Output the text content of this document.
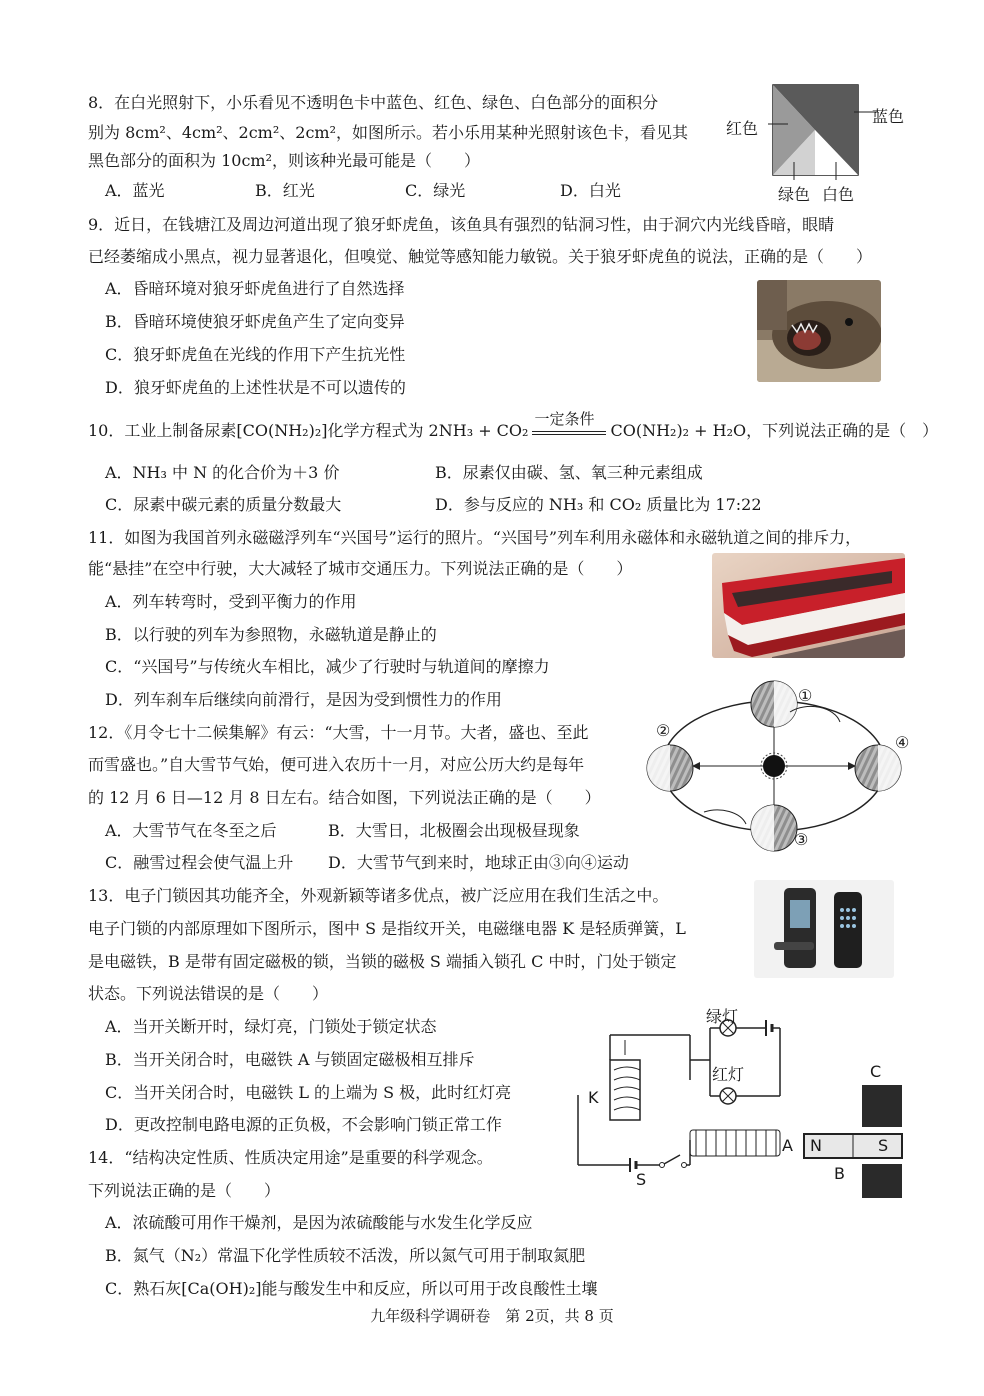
8．在白光照射下，小乐看见不透明色卡中蓝色、红色、绿色、白色部分的面积分
别为 8cm²、4cm²、2cm²、2cm²，如图所示。若小乐用某种光照射该色卡，看见其
黑色部分的面积为 10cm²，则该种光最可能是（　　）
A．蓝光	B．红光	C．绿光	D．白光
红色
蓝色
绿色 白色
9．近日，在钱塘江及周边河道出现了狼牙虾虎鱼，该鱼具有强烈的钻洞习性，由于洞穴内光线昏暗，眼睛
已经萎缩成小黑点，视力显著退化，但嗅觉、触觉等感知能力敏锐。关于狼牙虾虎鱼的说法，正确的是（　　）
A．昏暗环境对狼牙虾虎鱼进行了自然选择
B．昏暗环境使狼牙虾虎鱼产生了定向变异
C．狼牙虾虎鱼在光线的作用下产生抗光性
D．狼牙虾虎鱼的上述性状是不可以遗传的
10．工业上制备尿素[CO(NH₂)₂]化学方程式为 2NH₃ + CO₂
一定条件
CO(NH₂)₂ + H₂O，下列说法正确的是（　）
A．NH₃ 中 N 的化合价为＋3 价	B．尿素仅由碳、氢、氧三种元素组成
C．尿素中碳元素的质量分数最大	D．参与反应的 NH₃ 和 CO₂ 质量比为 17:22
11．如图为我国首列永磁磁浮列车“兴国号”运行的照片。“兴国号”列车利用永磁体和永磁轨道之间的排斥力，
能“悬挂”在空中行驶，大大减轻了城市交通压力。下列说法正确的是（　　）
A．列车转弯时，受到平衡力的作用
B．以行驶的列车为参照物，永磁轨道是静止的
C．“兴国号”与传统火车相比，减少了行驶时与轨道间的摩擦力
D．列车刹车后继续向前滑行，是因为受到惯性力的作用
12．《月令七十二候集解》有云：“大雪，十一月节。大者，盛也、至此
而雪盛也。”自大雪节气始，便可进入农历十一月，对应公历大约是每年
的 12 月 6 日—12 月 8 日左右。结合如图，下列说法正确的是（　　）
A．大雪节气在冬至之后	B．大雪日，北极圈会出现极昼现象
C．融雪过程会使气温上升 D．大雪节气到来时，地球正由③向④运动
①
②
③
④
13．电子门锁因其功能齐全，外观新颖等诸多优点，被广泛应用在我们生活之中。
电子门锁的内部原理如下图所示，图中 S 是指纹开关，电磁继电器 K 是轻质弹簧，L
是电磁铁，B 是带有固定磁极的锁，当锁的磁极 S 端插入锁孔 C 中时，门处于锁定
状态。下列说法错误的是（　　）
A．当开关断开时，绿灯亮，门锁处于锁定状态
B．当开关闭合时，电磁铁 A 与锁固定磁极相互排斥
C．当开关闭合时，电磁铁 L 的上端为 S 极，此时红灯亮
D．更改控制电路电源的正负极，不会影响门锁正常工作
绿灯
红灯
K
A N	S
B
C
S
14．“结构决定性质、性质决定用途”是重要的科学观念。
下列说法正确的是（　　）
A．浓硫酸可用作干燥剂，是因为浓硫酸能与水发生化学反应
B．氮气（N₂）常温下化学性质较不活泼，所以氮气可用于制取氮肥
C．熟石灰[Ca(OH)₂]能与酸发生中和反应，所以可用于改良酸性土壤
九年级科学调研卷　第 2页，共 8 页
